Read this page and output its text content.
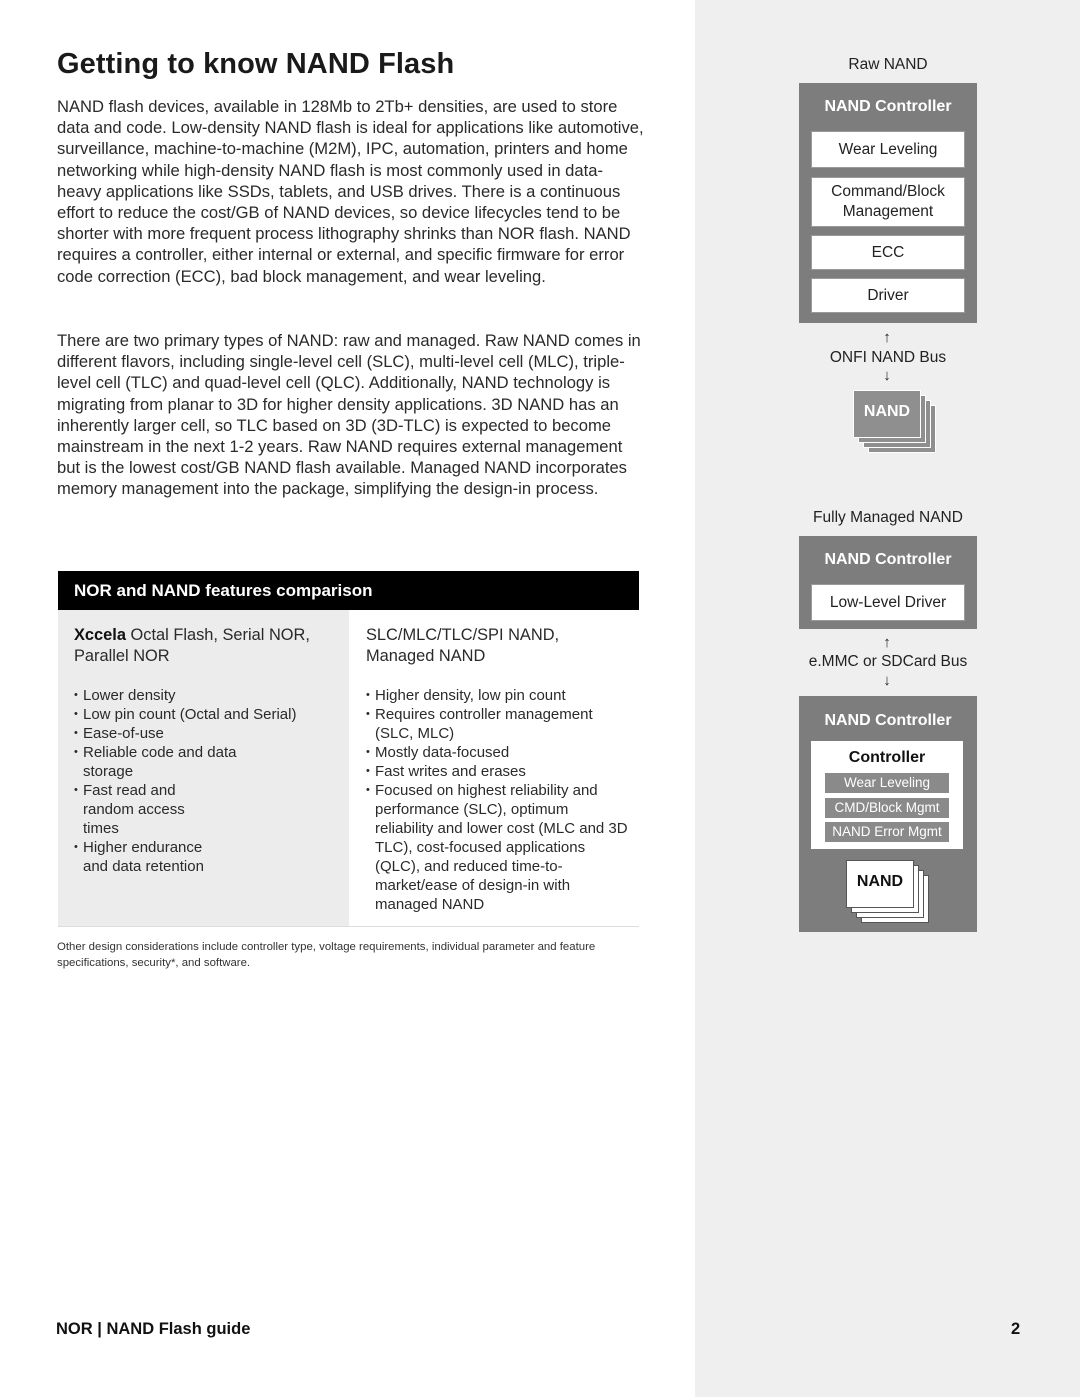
Getting to know NAND Flash

NAND flash devices, available in 128Mb to 2Tb+ densities, are used to store data and code. Low-density NAND flash is ideal for applications like automotive, surveillance, machine-to-machine (M2M), IPC, automation, printers and home networking while high-density NAND flash is most commonly used in data-heavy applications like SSDs, tablets, and USB drives. There is a continuous effort to reduce the cost/GB of NAND devices, so device lifecycles tend to be shorter with more frequent process lithography shrinks than NOR flash. NAND requires a controller, either internal or external, and specific firmware for error code correction (ECC), bad block management, and wear leveling.

There are two primary types of NAND: raw and managed. Raw NAND comes in different flavors, including single-level cell (SLC), multi-level cell (MLC), triple-level cell (TLC) and quad-level cell (QLC). Additionally, NAND technology is migrating from planar to 3D for higher density applications. 3D NAND has an inherently larger cell, so TLC based on 3D (3D-TLC) is expected to become mainstream in the next 1-2 years. Raw NAND requires external management but is the lowest cost/GB NAND flash available. Managed NAND incorporates memory management into the package, simplifying the design-in process.

NOR and NAND features comparison
Xccela Octal Flash, Serial NOR, Parallel NOR
• Lower density
• Low pin count (Octal and Serial)
• Ease-of-use
• Reliable code and data storage
• Fast read and random access times
• Higher endurance and data retention
SLC/MLC/TLC/SPI NAND, Managed NAND
• Higher density, low pin count
• Requires controller management (SLC, MLC)
• Mostly data-focused
• Fast writes and erases
• Focused on highest reliability and performance (SLC), optimum reliability and lower cost (MLC and 3D TLC), cost-focused applications (QLC), and reduced time-to-market/ease of design-in with managed NAND

Other design considerations include controller type, voltage requirements, individual parameter and feature specifications, security*, and software.

NOR | NAND Flash guide	2
Raw NAND
NAND Controller
Wear Leveling
Command/Block Management
ECC
Driver
↑
ONFI NAND Bus
↓
NAND
Fully Managed NAND
NAND Controller
Low-Level Driver
↑
e.MMC or SDCard Bus
↓
NAND Controller
Controller
Wear Leveling
CMD/Block Mgmt
NAND Error Mgmt
NAND
